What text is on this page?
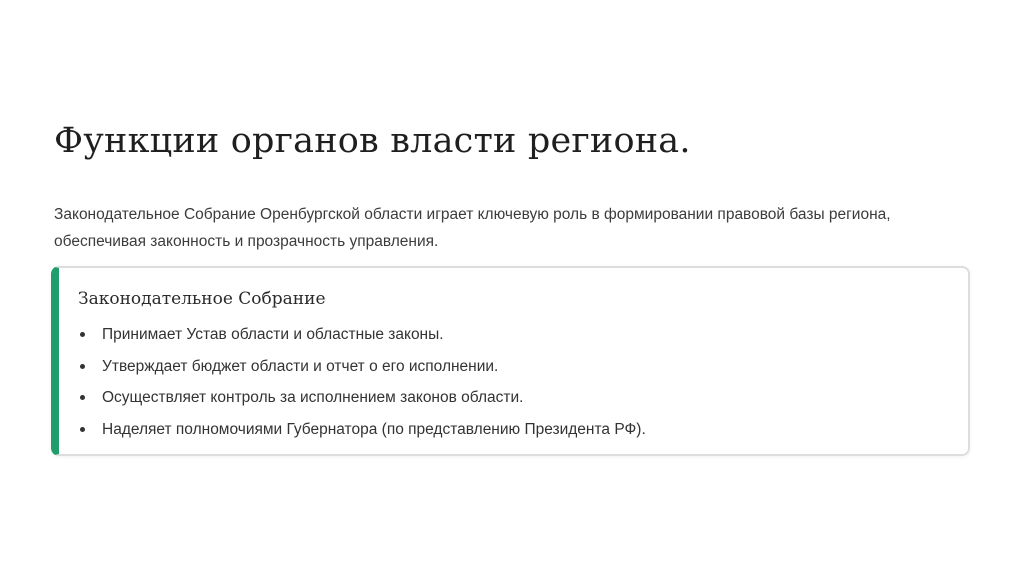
Функции органов власти региона.

Законодательное Собрание Оренбургской области играет ключевую роль в формировании правовой базы региона, обеспечивая законность и прозрачность управления.

Законодательное Собрание
Принимает Устав области и областные законы.
Утверждает бюджет области и отчет о его исполнении.
Осуществляет контроль за исполнением законов области.
Наделяет полномочиями Губернатора (по представлению Президента РФ).
